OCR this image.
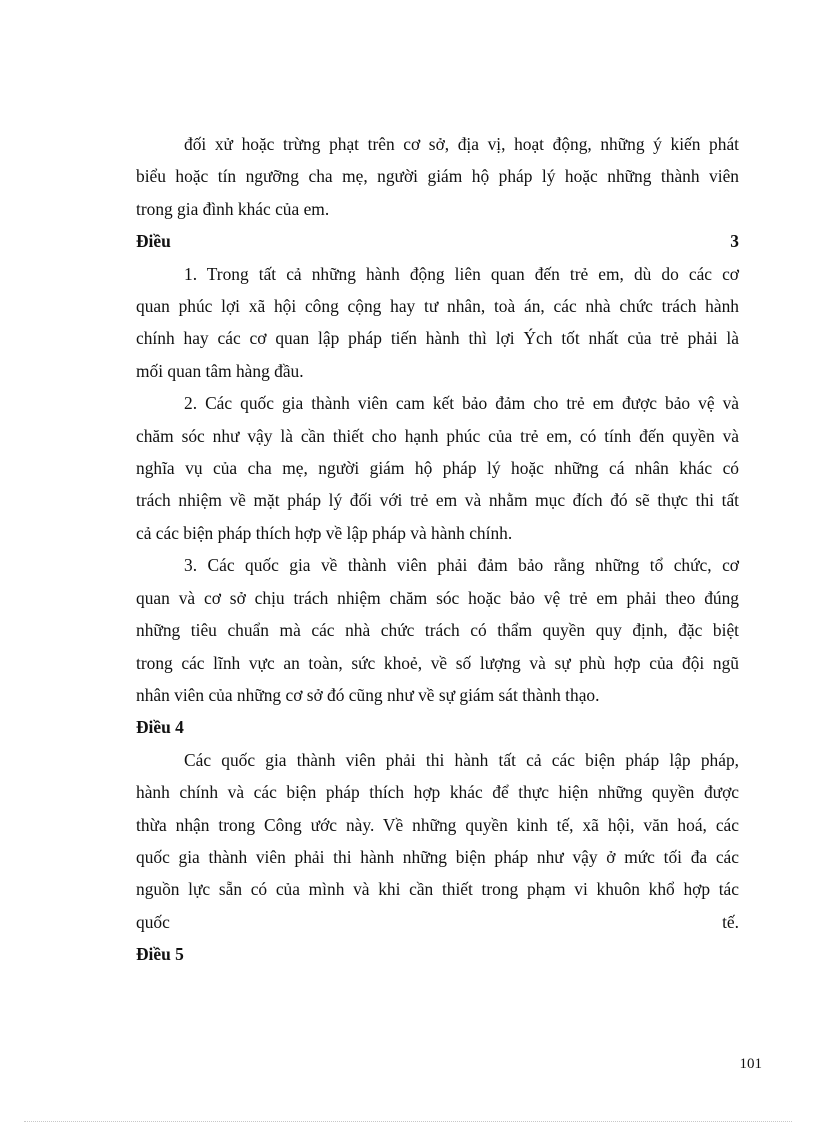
đối xử hoặc trừng phạt trên cơ sở, địa vị, hoạt động, những ý kiến phát
biểu hoặc tín ngưỡng cha mẹ, người giám hộ pháp lý hoặc những thành viên
trong gia đình khác của em.
Điều	3
1. Trong tất cả những hành động liên quan đến trẻ em, dù do các cơ
quan phúc lợi xã hội công cộng hay tư nhân, toà án, các nhà chức trách hành
chính hay các cơ quan lập pháp tiến hành thì lợi Ých tốt nhất của trẻ phải là
mối quan tâm hàng đầu.
2. Các quốc gia thành viên cam kết bảo đảm cho trẻ em được bảo vệ và
chăm sóc như vậy là cần thiết cho hạnh phúc của trẻ em, có tính đến quyền và
nghĩa vụ của cha mẹ, người giám hộ pháp lý hoặc những cá nhân khác có
trách nhiệm về mặt pháp lý đối với trẻ em và nhằm mục đích đó sẽ thực thi tất
cả các biện pháp thích hợp về lập pháp và hành chính.
3. Các quốc gia về thành viên phải đảm bảo rằng những tổ chức, cơ
quan và cơ sở chịu trách nhiệm chăm sóc hoặc bảo vệ trẻ em phải theo đúng
những tiêu chuẩn mà các nhà chức trách có thẩm quyền quy định, đặc biệt
trong các lĩnh vực an toàn, sức khoẻ, về số lượng và sự phù hợp của đội ngũ
nhân viên của những cơ sở đó cũng như về sự giám sát thành thạo.
Điều 4
Các quốc gia thành viên phải thi hành tất cả các biện pháp lập pháp,
hành chính và các biện pháp thích hợp khác để thực hiện những quyền được
thừa nhận trong Công ước này. Về những quyền kinh tế, xã hội, văn hoá, các
quốc gia thành viên phải thi hành những biện pháp như vậy ở mức tối đa các
nguồn lực sẵn có của mình và khi cần thiết trong phạm vi khuôn khổ hợp tác
quốc	tế.
Điều 5
101
